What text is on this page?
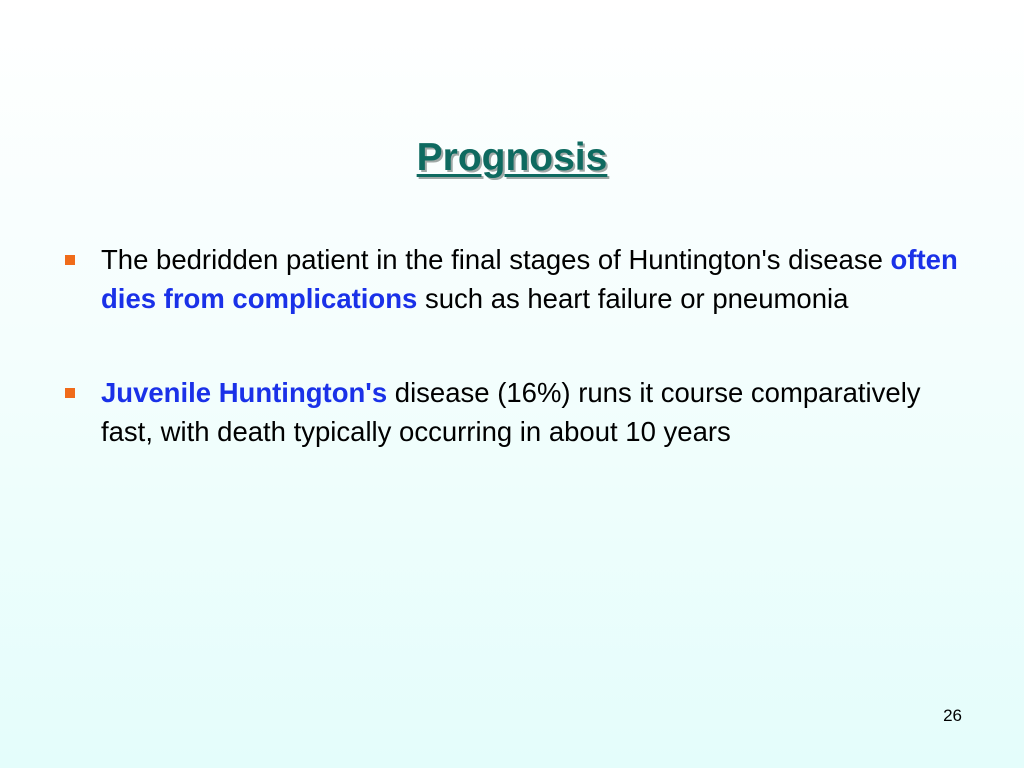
Prognosis
The bedridden patient in the final stages of Huntington's disease often dies from complications such as heart failure or pneumonia
Juvenile Huntington's disease (16%) runs it course comparatively fast, with death typically occurring in about 10 years
26
